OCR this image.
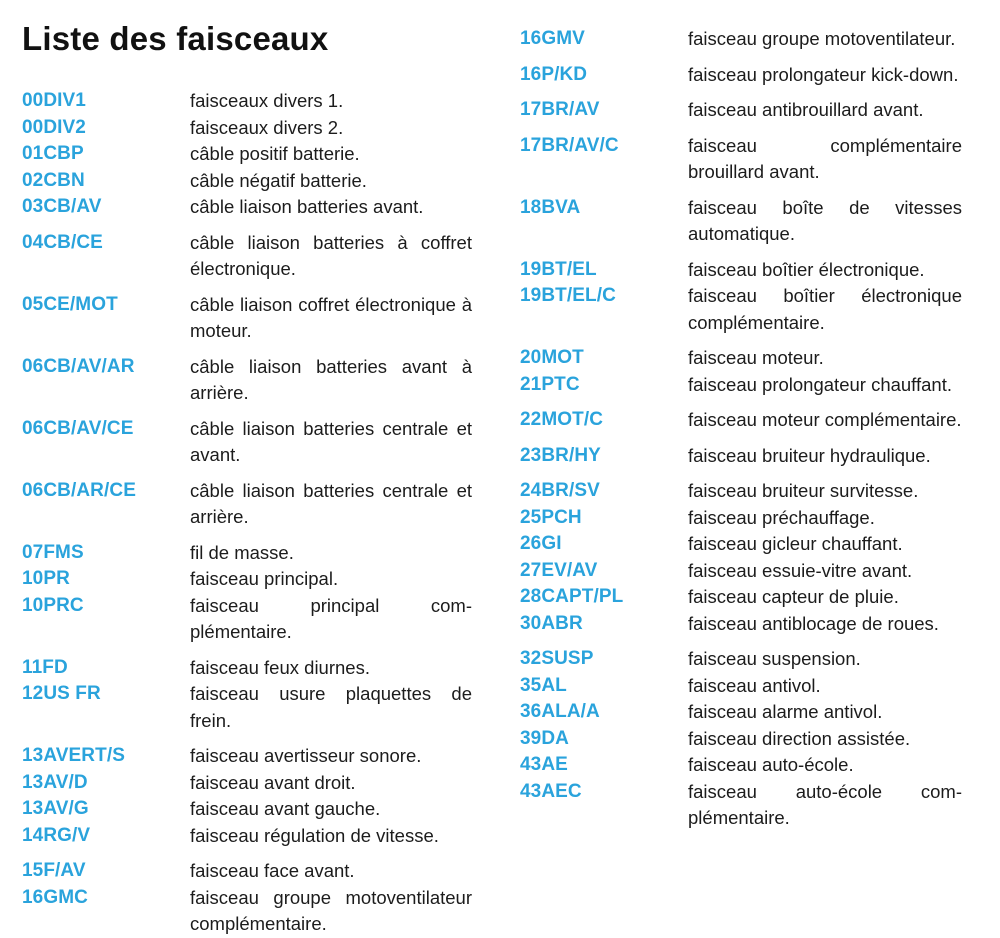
Liste des faisceaux
00DIV1	faisceaux divers 1.
00DIV2	faisceaux divers 2.
01CBP	câble positif batterie.
02CBN	câble négatif batterie.
03CB/AV	câble liaison batteries avant.
04CB/CE	câble liaison batteries à coffret électronique.
05CE/MOT	câble liaison coffret électronique à moteur.
06CB/AV/AR	câble liaison batteries avant à arrière.
06CB/AV/CE	câble liaison batteries centrale et avant.
06CB/AR/CE	câble liaison batteries centrale et arrière.
07FMS	fil de masse.
10PR	faisceau principal.
10PRC	faisceau principal complémentaire.
11FD	faisceau feux diurnes.
12US FR	faisceau usure plaquettes de frein.
13AVERT/S	faisceau avertisseur sonore.
13AV/D	faisceau avant droit.
13AV/G	faisceau avant gauche.
14RG/V	faisceau régulation de vitesse.
15F/AV	faisceau face avant.
16GMC	faisceau groupe motoventilateur complémentaire.
16GMV	faisceau groupe motoventilateur.
16P/KD	faisceau prolongateur kick-down.
17BR/AV	faisceau antibrouillard avant.
17BR/AV/C	faisceau complémentaire brouillard avant.
18BVA	faisceau boîte de vitesses automatique.
19BT/EL	faisceau boîtier électronique.
19BT/EL/C	faisceau boîtier électronique complémentaire.
20MOT	faisceau moteur.
21PTC	faisceau prolongateur chauffant.
22MOT/C	faisceau moteur complémentaire.
23BR/HY	faisceau bruiteur hydraulique.
24BR/SV	faisceau bruiteur survitesse.
25PCH	faisceau préchauffage.
26GI	faisceau gicleur chauffant.
27EV/AV	faisceau essuie-vitre avant.
28CAPT/PL	faisceau capteur de pluie.
30ABR	faisceau antiblocage de roues.
32SUSP	faisceau suspension.
35AL	faisceau antivol.
36ALA/A	faisceau alarme antivol.
39DA	faisceau direction assistée.
43AE	faisceau auto-école.
43AEC	faisceau auto-école complémentaire.
